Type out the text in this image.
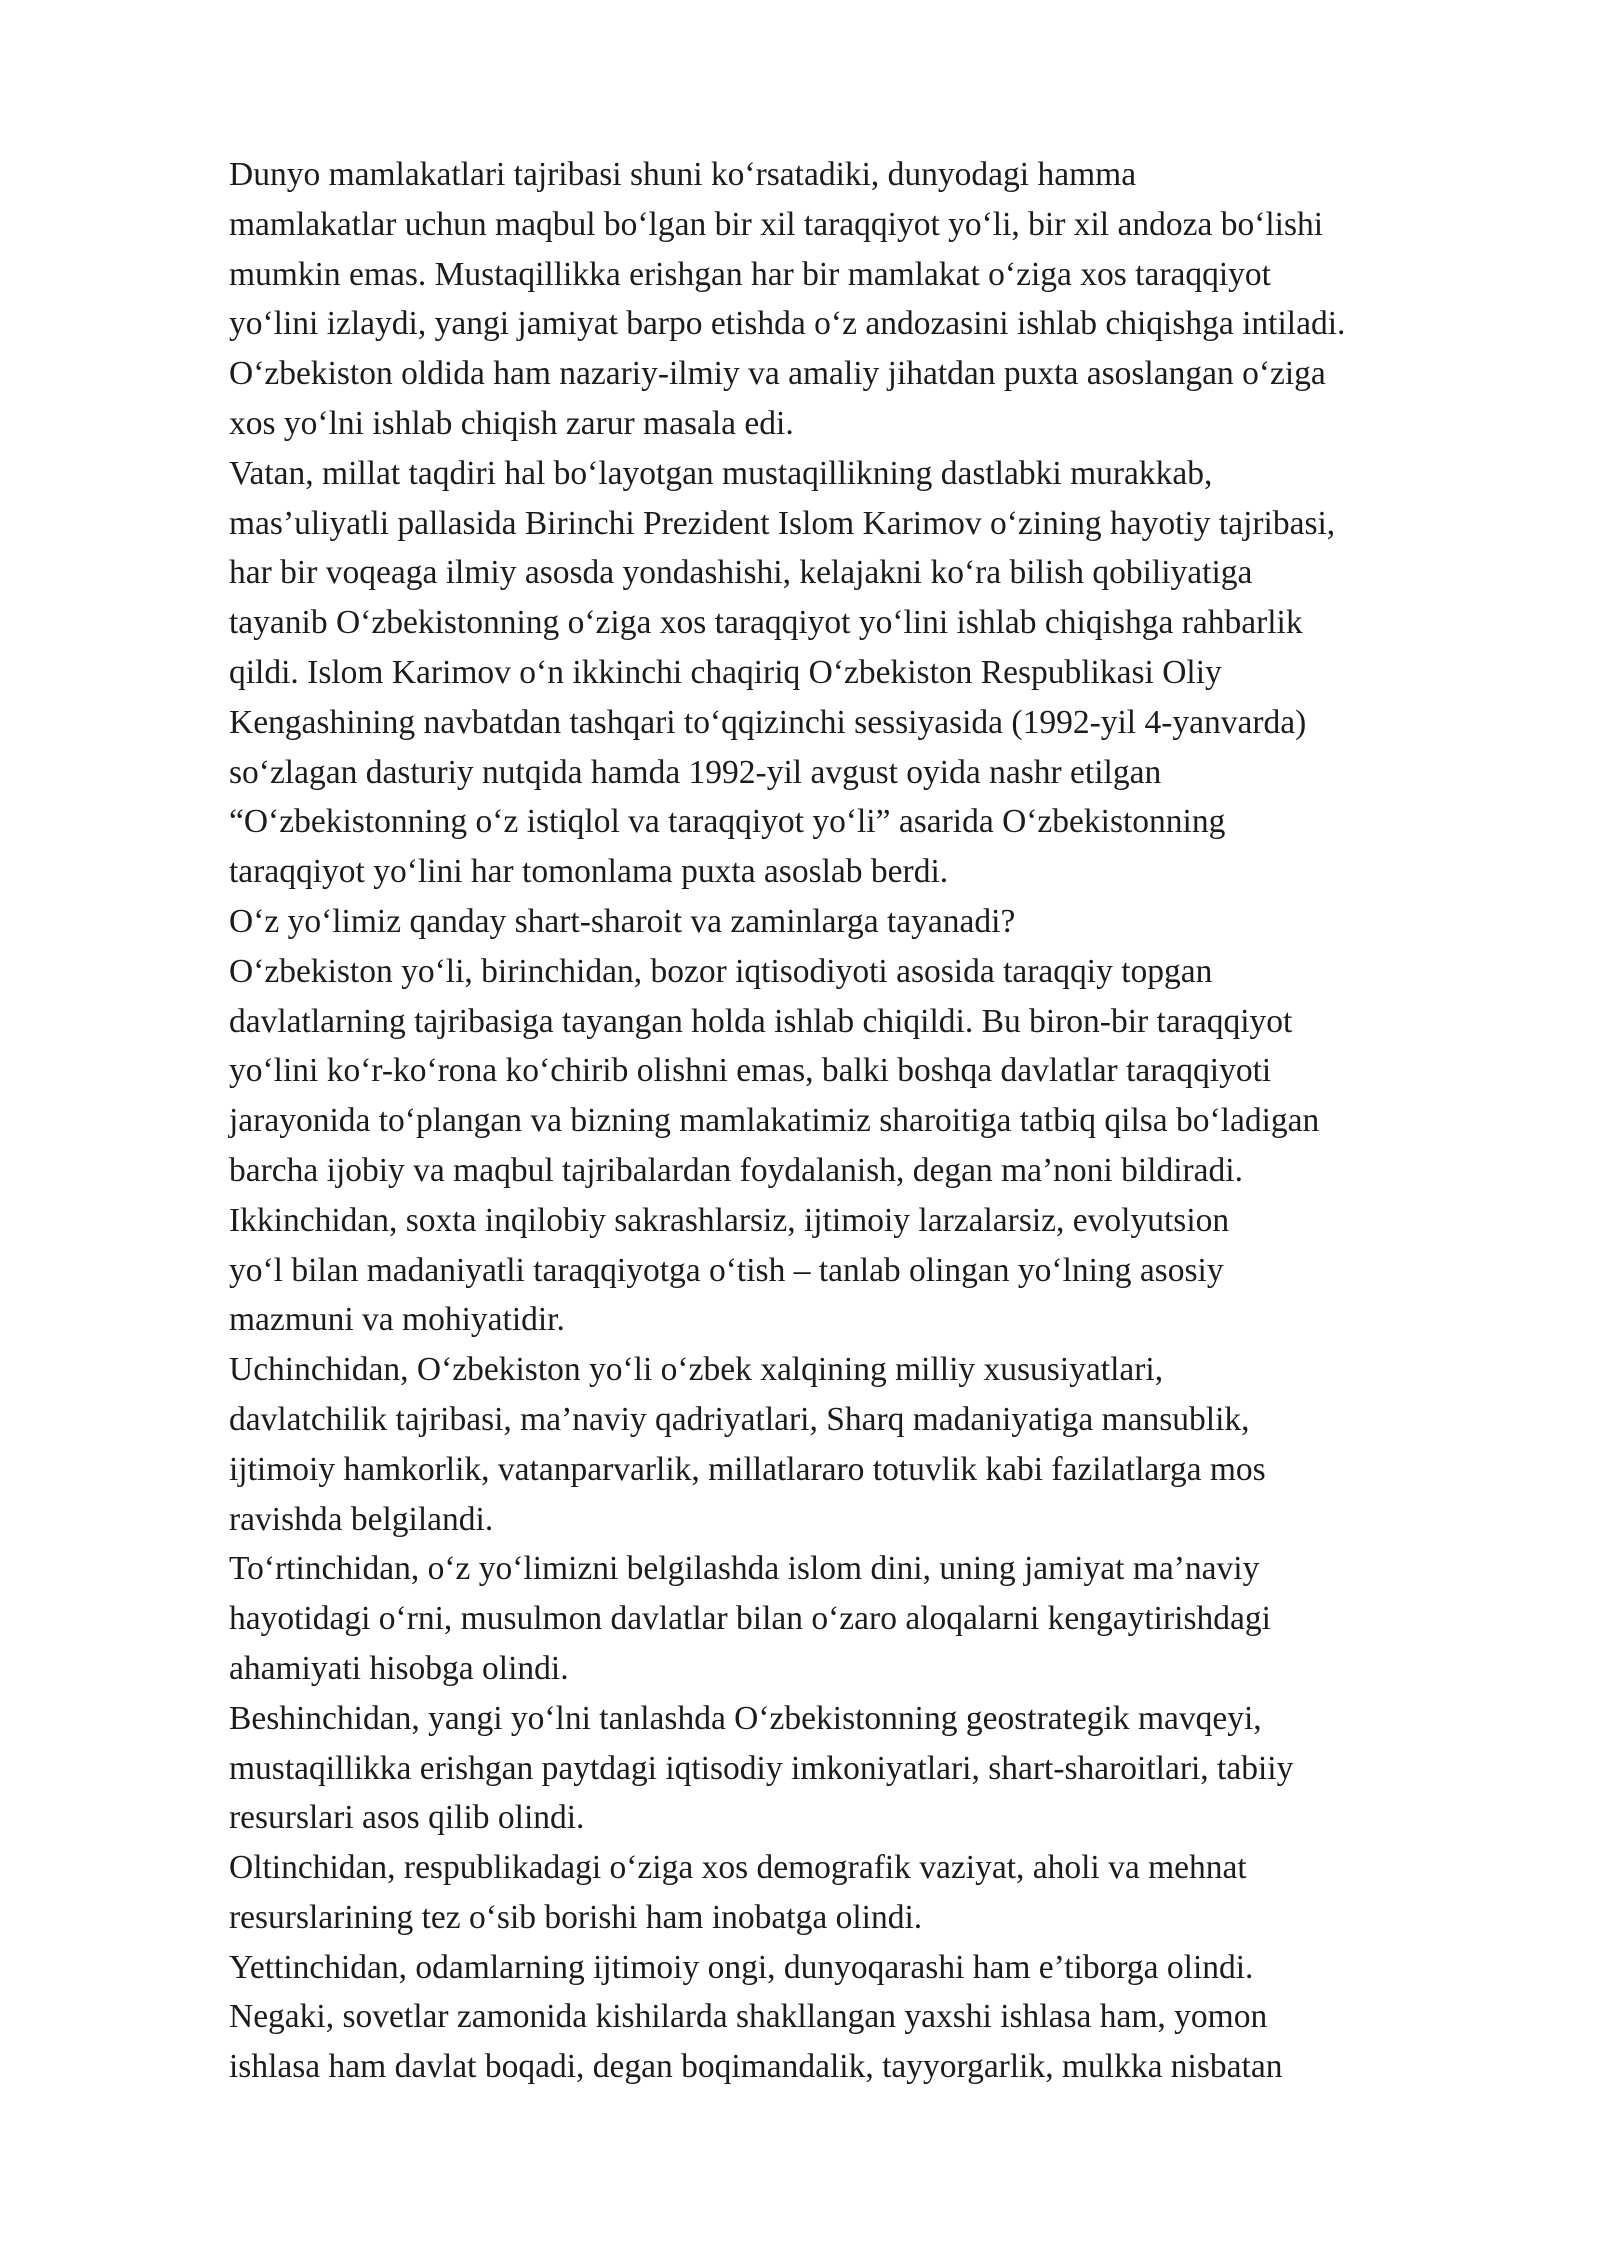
Dunyo mamlakatlari tajribasi shuni ko‘rsatadiki, dunyodagi hamma
mamlakatlar uchun maqbul bo‘lgan bir xil taraqqiyot yo‘li, bir xil andoza bo‘lishi
mumkin emas. Mustaqillikka erishgan har bir mamlakat o‘ziga xos taraqqiyot
yo‘lini izlaydi, yangi jamiyat barpo etishda o‘z andozasini ishlab chiqishga intiladi.
O‘zbekiston oldida ham nazariy-ilmiy va amaliy jihatdan puxta asoslangan o‘ziga
xos yo‘lni ishlab chiqish zarur masala edi.
Vatan, millat taqdiri hal bo‘layotgan mustaqillikning dastlabki murakkab,
mas’uliyatli pallasida Birinchi Prezident Islom Karimov o‘zining hayotiy tajribasi,
har bir voqeaga ilmiy asosda yondashishi, kelajakni ko‘ra bilish qobiliyatiga
tayanib O‘zbekistonning o‘ziga xos taraqqiyot yo‘lini ishlab chiqishga rahbarlik
qildi. Islom Karimov o‘n ikkinchi chaqiriq O‘zbekiston Respublikasi Oliy
Kengashining navbatdan tashqari to‘qqizinchi sessiyasida (1992-yil 4-yanvarda)
so‘zlagan dasturiy nutqida hamda 1992-yil avgust oyida nashr etilgan
“O‘zbekistonning o‘z istiqlol va taraqqiyot yo‘li” asarida O‘zbekistonning
taraqqiyot yo‘lini har tomonlama puxta asoslab berdi.
O‘z yo‘limiz qanday shart-sharoit va zaminlarga tayanadi?
O‘zbekiston yo‘li, birinchidan, bozor iqtisodiyoti asosida taraqqiy topgan
davlatlarning tajribasiga tayangan holda ishlab chiqildi. Bu biron-bir taraqqiyot
yo‘lini ko‘r-ko‘rona ko‘chirib olishni emas, balki boshqa davlatlar taraqqiyoti
jarayonida to‘plangan va bizning mamlakatimiz sharoitiga tatbiq qilsa bo‘ladigan
barcha ijobiy va maqbul tajribalardan foydalanish, degan ma’noni bildiradi.
Ikkinchidan, soxta inqilobiy sakrashlarsiz, ijtimoiy larzalarsiz, evolyutsion
yo‘l bilan madaniyatli taraqqiyotga o‘tish – tanlab olingan yo‘lning asosiy
mazmuni va mohiyatidir.
Uchinchidan, O‘zbekiston yo‘li o‘zbek xalqining milliy xususiyatlari,
davlatchilik tajribasi, ma’naviy qadriyatlari, Sharq madaniyatiga mansublik,
ijtimoiy hamkorlik, vatanparvarlik, millatlararo totuvlik kabi fazilatlarga mos
ravishda belgilandi.
To‘rtinchidan, o‘z yo‘limizni belgilashda islom dini, uning jamiyat ma’naviy
hayotidagi o‘rni, musulmon davlatlar bilan o‘zaro aloqalarni kengaytirishdagi
ahamiyati hisobga olindi.
Beshinchidan, yangi yo‘lni tanlashda O‘zbekistonning geostrategik mavqeyi,
mustaqillikka erishgan paytdagi iqtisodiy imkoniyatlari, shart-sharoitlari, tabiiy
resurslari asos qilib olindi.
Oltinchidan, respublikadagi o‘ziga xos demografik vaziyat, aholi va mehnat
resurslarining tez o‘sib borishi ham inobatga olindi.
Yettinchidan, odamlarning ijtimoiy ongi, dunyoqarashi ham e’tiborga olindi.
Negaki, sovetlar zamonida kishilarda shakllangan yaxshi ishlasa ham, yomon
ishlasa ham davlat boqadi, degan boqimandalik, tayyorgarlik, mulkka nisbatan
